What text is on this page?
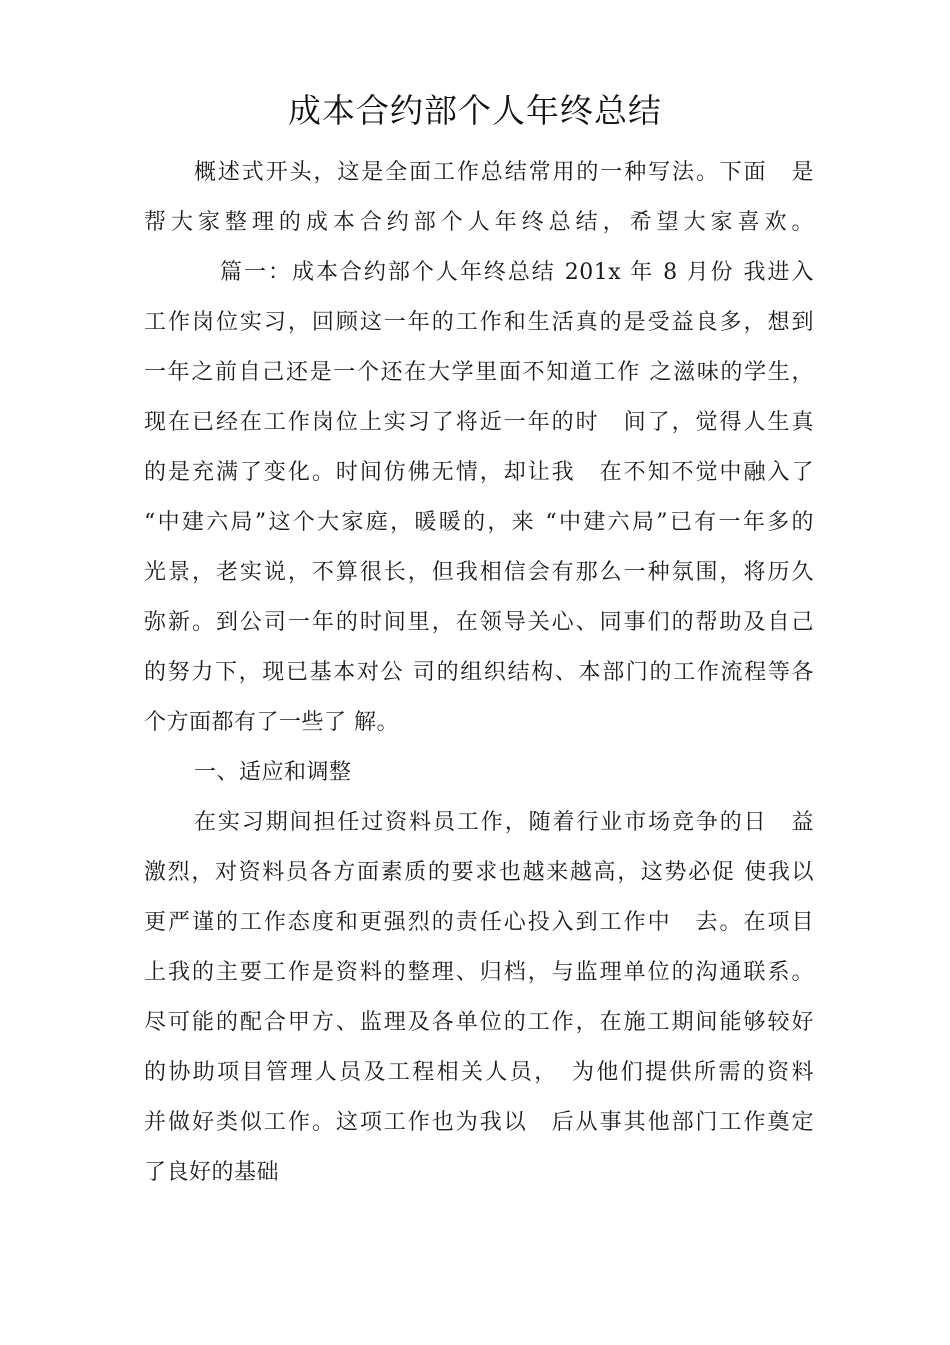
成本合约部个人年终总结
概述式开头，这是全面工作总结常用的一种写法。下面　是
帮大家整理的成本合约部个人年终总结，希望大家喜欢。
篇一：成本合约部个人年终总结 201x 年 8 月份 我进入
工作岗位实习，回顾这一年的工作和生活真的是受益良多，想到
一年之前自己还是一个还在大学里面不知道工作 之滋味的学生，
现在已经在工作岗位上实习了将近一年的时　间了，觉得人生真
的是充满了变化。时间仿佛无情，却让我　在不知不觉中融入了
“中建六局”这个大家庭，暖暖的，来 “中建六局”已有一年多的
光景，老实说，不算很长，但我相信会有那么一种氛围，将历久
弥新。到公司一年的时间里，在领导关心、同事们的帮助及自己
的努力下，现已基本对公 司的组织结构、本部门的工作流程等各
个方面都有了一些了 解。
一、适应和调整
在实习期间担任过资料员工作，随着行业市场竞争的日　益
激烈，对资料员各方面素质的要求也越来越高，这势必促 使我以
更严谨的工作态度和更强烈的责任心投入到工作中　去。在项目
上我的主要工作是资料的整理、归档，与监理单位的沟通联系。
尽可能的配合甲方、监理及各单位的工作，在施工期间能够较好
的协助项目管理人员及工程相关人员，　为他们提供所需的资料
并做好类似工作。这项工作也为我以　后从事其他部门工作奠定
了良好的基础
